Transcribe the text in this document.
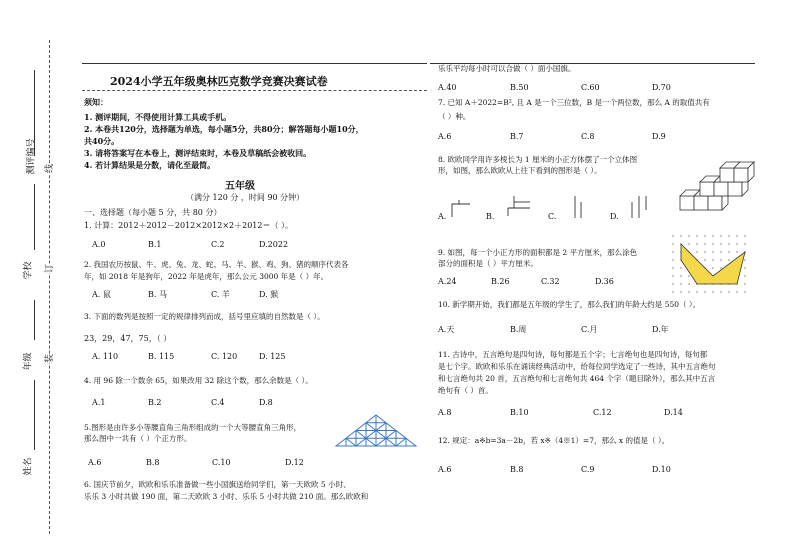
测评编号
学校
年级
姓名
线
订
装
2024小学五年级奥林匹克数学竞赛决赛试卷
须知：
1. 测评期间，不得使用计算工具或手机。
2. 本卷共120分，选择题为单选，每小题5分，共80分；解答题每小题10分，
共40分。
3. 请将答案写在本卷上，测评结束时，本卷及草稿纸会被收回。
4. 若计算结果是分数，请化至最简。
五年级
（满分 120 分 ，时间 90 分钟）
一、选择题（每小题 5 分，共 80 分）
1. 计算：2012＋2012－2012×2012×2＋2012＝（ ）。
A.0	B.1	C.2	D.2022
2. 我国农历按鼠、牛、虎、兔、龙、蛇、马、羊、猴、鸡、狗、猪的顺序代表各
年，如 2018 年是狗年，2022 年是虎年，那么公元 3000 年是（ ）年。
A. 鼠	B. 马	C. 羊	D. 猴
3. 下面的数列是按照一定的规律排列而成，括号里应填的自然数是（ ）。
23，29，47，75，（ ）
A. 110	B. 115	C. 120	D. 125
4. 用 96 除一个数余 65，如果改用 32 除这个数，那么余数是（ ）。
A.1	B.2	C.4	D.8
5.图形是由许多小等腰直角三角形组成的一个大等腰直角三角形，
那么图中一共有（ ）个正方形。
A.6	B.8	C.10	D.12
6. 国庆节前夕，欧欧和乐乐准备做一些小国旗送给同学们，第一天欧欧 5 小时、
乐乐 3 小时共做 190 面，第二天欧欧 3 小时、乐乐 5 小时共做 210 面。那么欧欧和
乐乐平均每小时可以合做（ ）面小国旗。
A.40	B.50	C.60	D.70
7. 已知 A＋2022=B², 且 A 是一个三位数，B 是一个两位数，那么 A 的取值共有
（ ）种。
A.6	B.7	C.8	D.9
8. 欧欧同学用许多棱长为 1 厘米的小正方体摆了一个立体图
形，如图，那么欧欧从上往下看到的图形是（ ）。
A.	B.	C.	D.
9. 如图，每一个小正方形的面积都是 2 平方厘米，那么涂色
部分的面积是（ ）平方厘米。
A.24	B.26	C.32	D.36
10. 新学期开始，我们都是五年级的学生了，那么我们的年龄大约是 550（ ）。
A.天	B.周	C.月	D.年
11. 古诗中，五言绝句是四句诗，每句都是五个字；七言绝句也是四句诗，每句都
是七个字。欧欧和乐乐在诵读经典活动中，给每位同学选定了一些诗，其中五言绝句
和七言绝句共 20 首，五言绝句和七言绝句共 464 个字（题目除外），那么其中五言
绝句有（ ）首。
A.8	B.10	C.12	D.14
12. 规定：a※b=3a－2b，若 x※（4※1）=7，那么 x 的值是（ ）。
A.6	B.8	C.9	D.10
